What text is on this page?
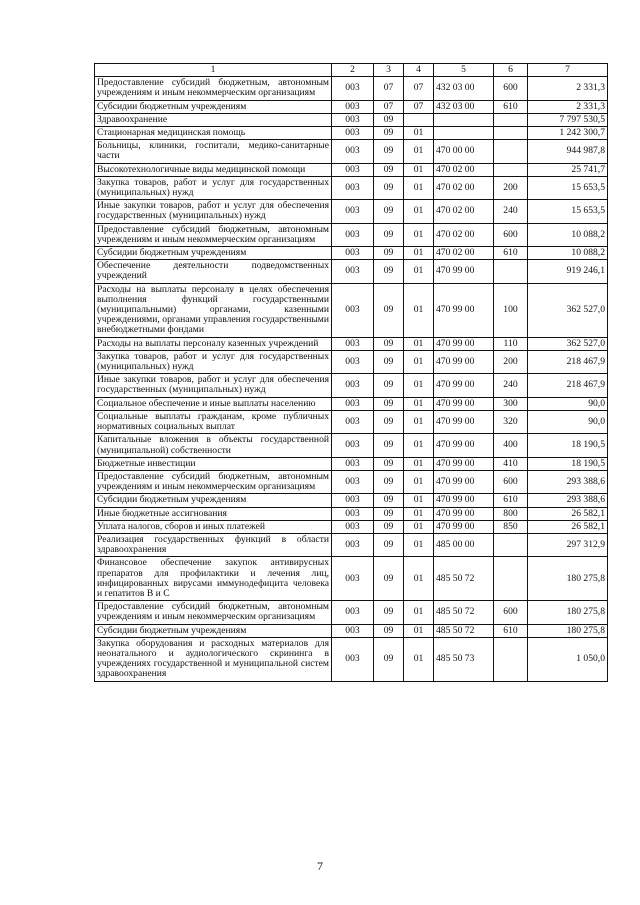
1	2	3	4	5	6	7
Предоставление субсидий бюджетным, автономным учреждениям и иным некоммерческим организациям	003	07	07	432 03 00	600	2 331,3
Субсидии бюджетным учреждениям	003	07	07	432 03 00	610	2 331,3
Здравоохранение	003	09				7 797 530,5
Стационарная медицинская помощь	003	09	01			1 242 300,7
Больницы, клиники, госпитали, медико-санитарные части	003	09	01	470 00 00		944 987,8
Высокотехнологичные виды медицинской помощи	003	09	01	470 02 00		25 741,7
Закупка товаров, работ и услуг для государственных (муниципальных) нужд	003	09	01	470 02 00	200	15 653,5
Иные закупки товаров, работ и услуг для обеспечения государственных (муниципальных) нужд	003	09	01	470 02 00	240	15 653,5
Предоставление субсидий бюджетным, автономным учреждениям и иным некоммерческим организациям	003	09	01	470 02 00	600	10 088,2
Субсидии бюджетным учреждениям	003	09	01	470 02 00	610	10 088,2
Обеспечение деятельности подведомственных учреждений	003	09	01	470 99 00		919 246,1
Расходы на выплаты персоналу в целях обеспечения выполнения функций государственными (муниципальными) органами, казенными учреждениями, органами управления государственными внебюджетными фондами	003	09	01	470 99 00	100	362 527,0
Расходы на выплаты персоналу казенных учреждений	003	09	01	470 99 00	110	362 527,0
Закупка товаров, работ и услуг для государственных (муниципальных) нужд	003	09	01	470 99 00	200	218 467,9
Иные закупки товаров, работ и услуг для обеспечения государственных (муниципальных) нужд	003	09	01	470 99 00	240	218 467,9
Социальное обеспечение и иные выплаты населению	003	09	01	470 99 00	300	90,0
Социальные выплаты гражданам, кроме публичных нормативных социальных выплат	003	09	01	470 99 00	320	90,0
Капитальные вложения в объекты государственной (муниципальной) собственности	003	09	01	470 99 00	400	18 190,5
Бюджетные инвестиции	003	09	01	470 99 00	410	18 190,5
Предоставление субсидий бюджетным, автономным учреждениям и иным некоммерческим организациям	003	09	01	470 99 00	600	293 388,6
Субсидии бюджетным учреждениям	003	09	01	470 99 00	610	293 388,6
Иные бюджетные ассигнования	003	09	01	470 99 00	800	26 582,1
Уплата налогов, сборов и иных платежей	003	09	01	470 99 00	850	26 582,1
Реализация государственных функций в области здравоохранения	003	09	01	485 00 00		297 312,9
Финансовое обеспечение закупок антивирусных препаратов для профилактики и лечения лиц, инфицированных вирусами иммунодефицита человека и гепатитов В и С	003	09	01	485 50 72		180 275,8
Предоставление субсидий бюджетным, автономным учреждениям и иным некоммерческим организациям	003	09	01	485 50 72	600	180 275,8
Субсидии бюджетным учреждениям	003	09	01	485 50 72	610	180 275,8
Закупка оборудования и расходных материалов для неонатального и аудиологического скрининга в учреждениях государственной и муниципальной систем здравоохранения	003	09	01	485 50 73		1 050,0
7
